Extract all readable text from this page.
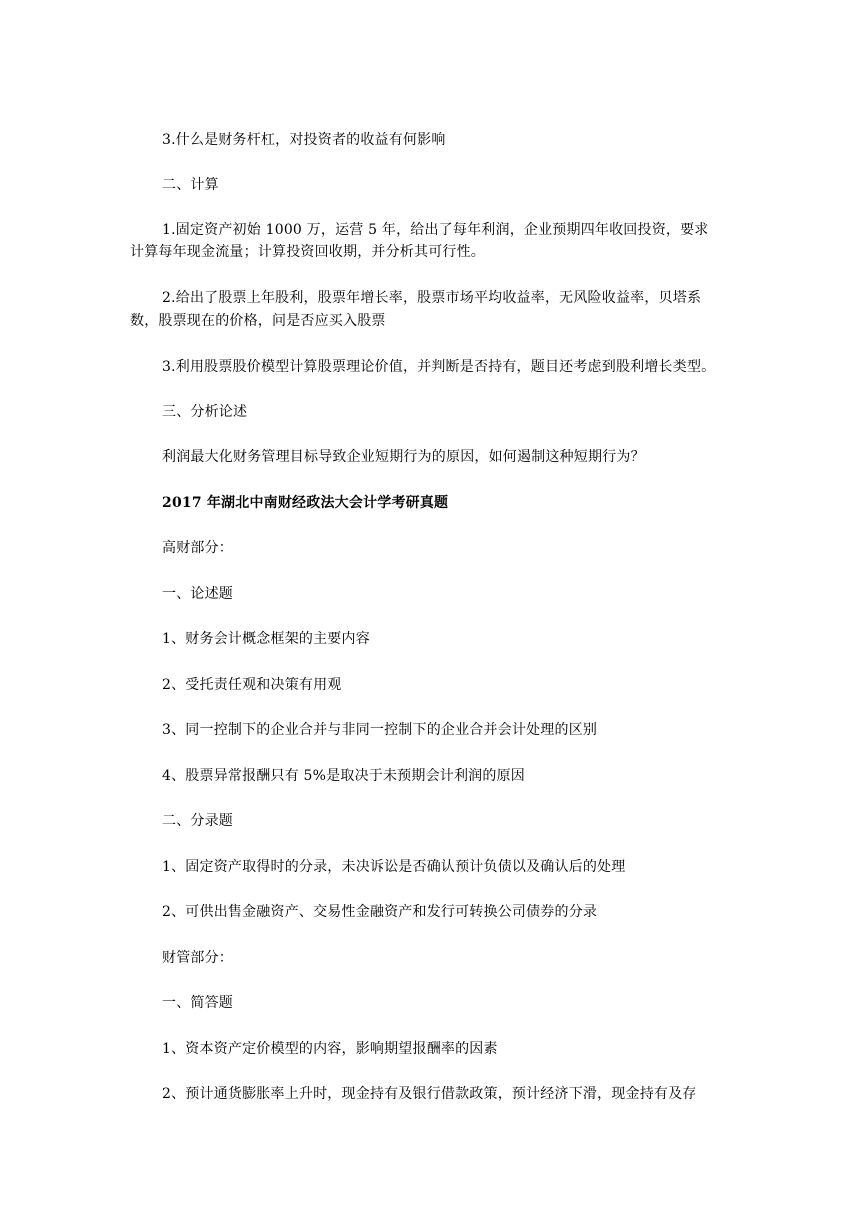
3.什么是财务杆杠，对投资者的收益有何影响
二、计算
1.固定资产初始 1000 万，运营 5 年，给出了每年利润，企业预期四年收回投资，要求
计算每年现金流量；计算投资回收期，并分析其可行性。
2.给出了股票上年股利，股票年增长率，股票市场平均收益率，无风险收益率，贝塔系
数，股票现在的价格，问是否应买入股票
3.利用股票股价模型计算股票理论价值，并判断是否持有，题目还考虑到股利增长类型。
三、分析论述
利润最大化财务管理目标导致企业短期行为的原因，如何遏制这种短期行为？
2017 年湖北中南财经政法大会计学考研真题
高财部分：
一、论述题
1、财务会计概念框架的主要内容
2、受托责任观和决策有用观
3、同一控制下的企业合并与非同一控制下的企业合并会计处理的区别
4、股票异常报酬只有 5%是取决于未预期会计利润的原因
二、分录题
1、固定资产取得时的分录，未决诉讼是否确认预计负债以及确认后的处理
2、可供出售金融资产、交易性金融资产和发行可转换公司债券的分录
财管部分：
一、简答题
1、资本资产定价模型的内容，影响期望报酬率的因素
2、预计通货膨胀率上升时，现金持有及银行借款政策，预计经济下滑，现金持有及存
